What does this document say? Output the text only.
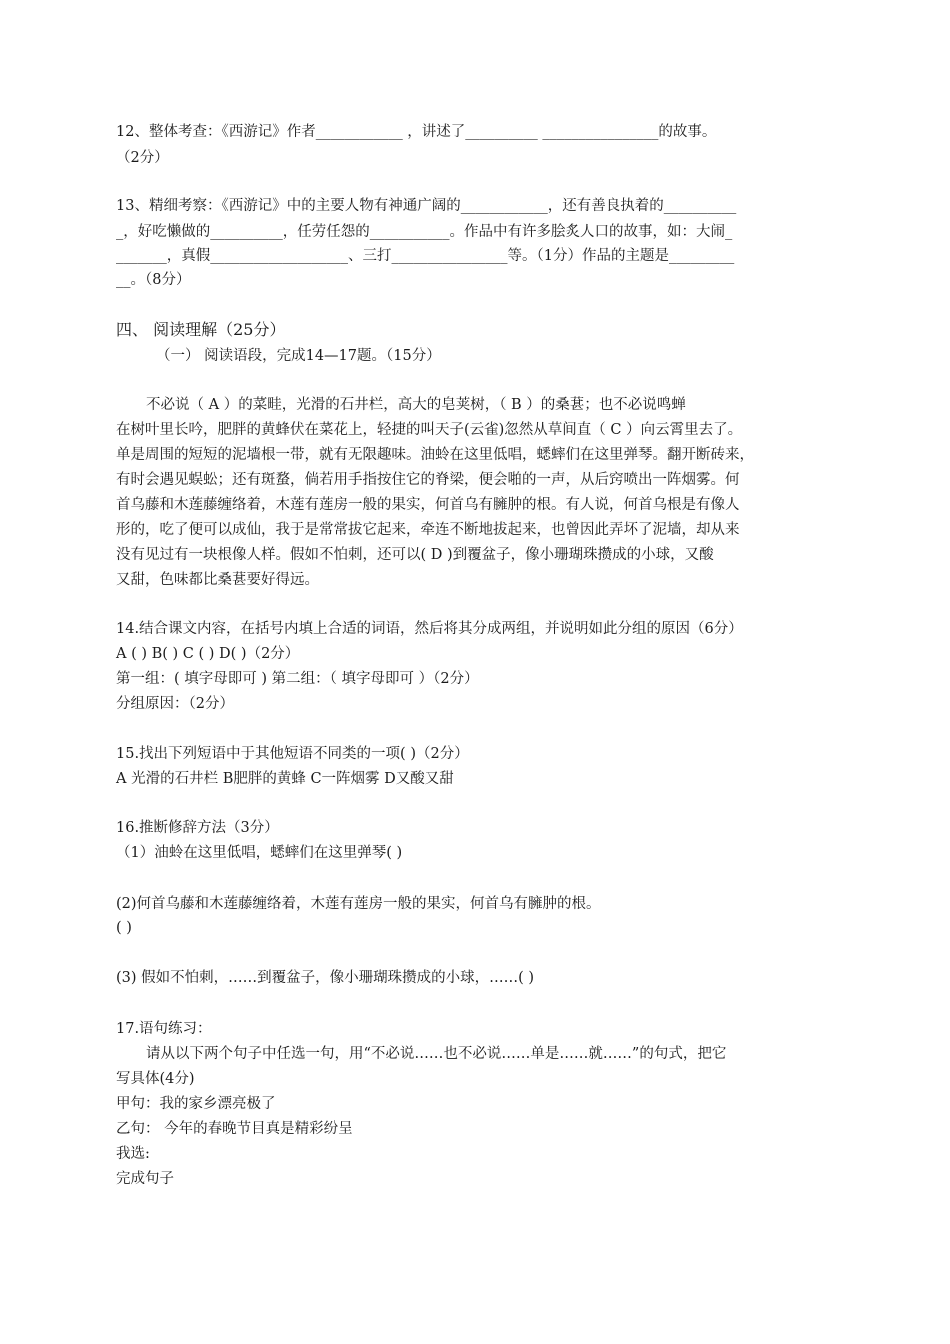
12、整体考查：《西游记》作者____________ ，讲述了__________ ________________的故事。
（2分）
13、精细考察：《西游记》中的主要人物有神通广阔的____________，还有善良执着的__________
_，好吃懒做的__________，任劳任怨的___________。作品中有许多脍炙人口的故事，如：大闹_
_______，真假___________________、三打________________等。（1分）作品的主题是_________
__。（8分）
四、 阅读理解（25分）
（一） 阅读语段，完成14—17题。（15分）
不必说（ A ）的菜畦，光滑的石井栏，高大的皂荚树，（ B ）的桑葚；也不必说鸣蝉
在树叶里长吟，肥胖的黄蜂伏在菜花上，轻捷的叫天子(云雀)忽然从草间直（ C ）向云霄里去了。
单是周围的短短的泥墙根一带，就有无限趣味。油蛉在这里低唱，蟋蟀们在这里弹琴。翻开断砖来，
有时会遇见蜈蚣；还有斑蝥，倘若用手指按住它的脊梁，便会啪的一声，从后窍喷出一阵烟雾。何
首乌藤和木莲藤缠络着，木莲有莲房一般的果实，何首乌有臃肿的根。有人说，何首乌根是有像人
形的，吃了便可以成仙，我于是常常拔它起来，牵连不断地拔起来，也曾因此弄坏了泥墙，却从来
没有见过有一块根像人样。假如不怕刺，还可以( D )到覆盆子，像小珊瑚珠攒成的小球，又酸
又甜，色味都比桑葚要好得远。
14.结合课文内容，在括号内填上合适的词语，然后将其分成两组，并说明如此分组的原因（6分）
A ( ) B( ) C ( ) D( )（2分）
第一组：( 填字母即可 ) 第二组：（ 填字母即可 ）（2分）
分组原因：（2分）
15.找出下列短语中于其他短语不同类的一项( )（2分）
A 光滑的石井栏 B肥胖的黄蜂 C一阵烟雾 D又酸又甜
16.推断修辞方法（3分）
（1）油蛉在这里低唱，蟋蟀们在这里弹琴( )
(2)何首乌藤和木莲藤缠络着，木莲有莲房一般的果实，何首乌有臃肿的根。
( )
(3) 假如不怕刺，……到覆盆子，像小珊瑚珠攒成的小球，……( )
17.语句练习：
请从以下两个句子中任选一句，用“不必说……也不必说……单是……就……”的句式，把它
写具体(4分)
甲句：我的家乡漂亮极了
乙句： 今年的春晚节目真是精彩纷呈
我选:
完成句子
